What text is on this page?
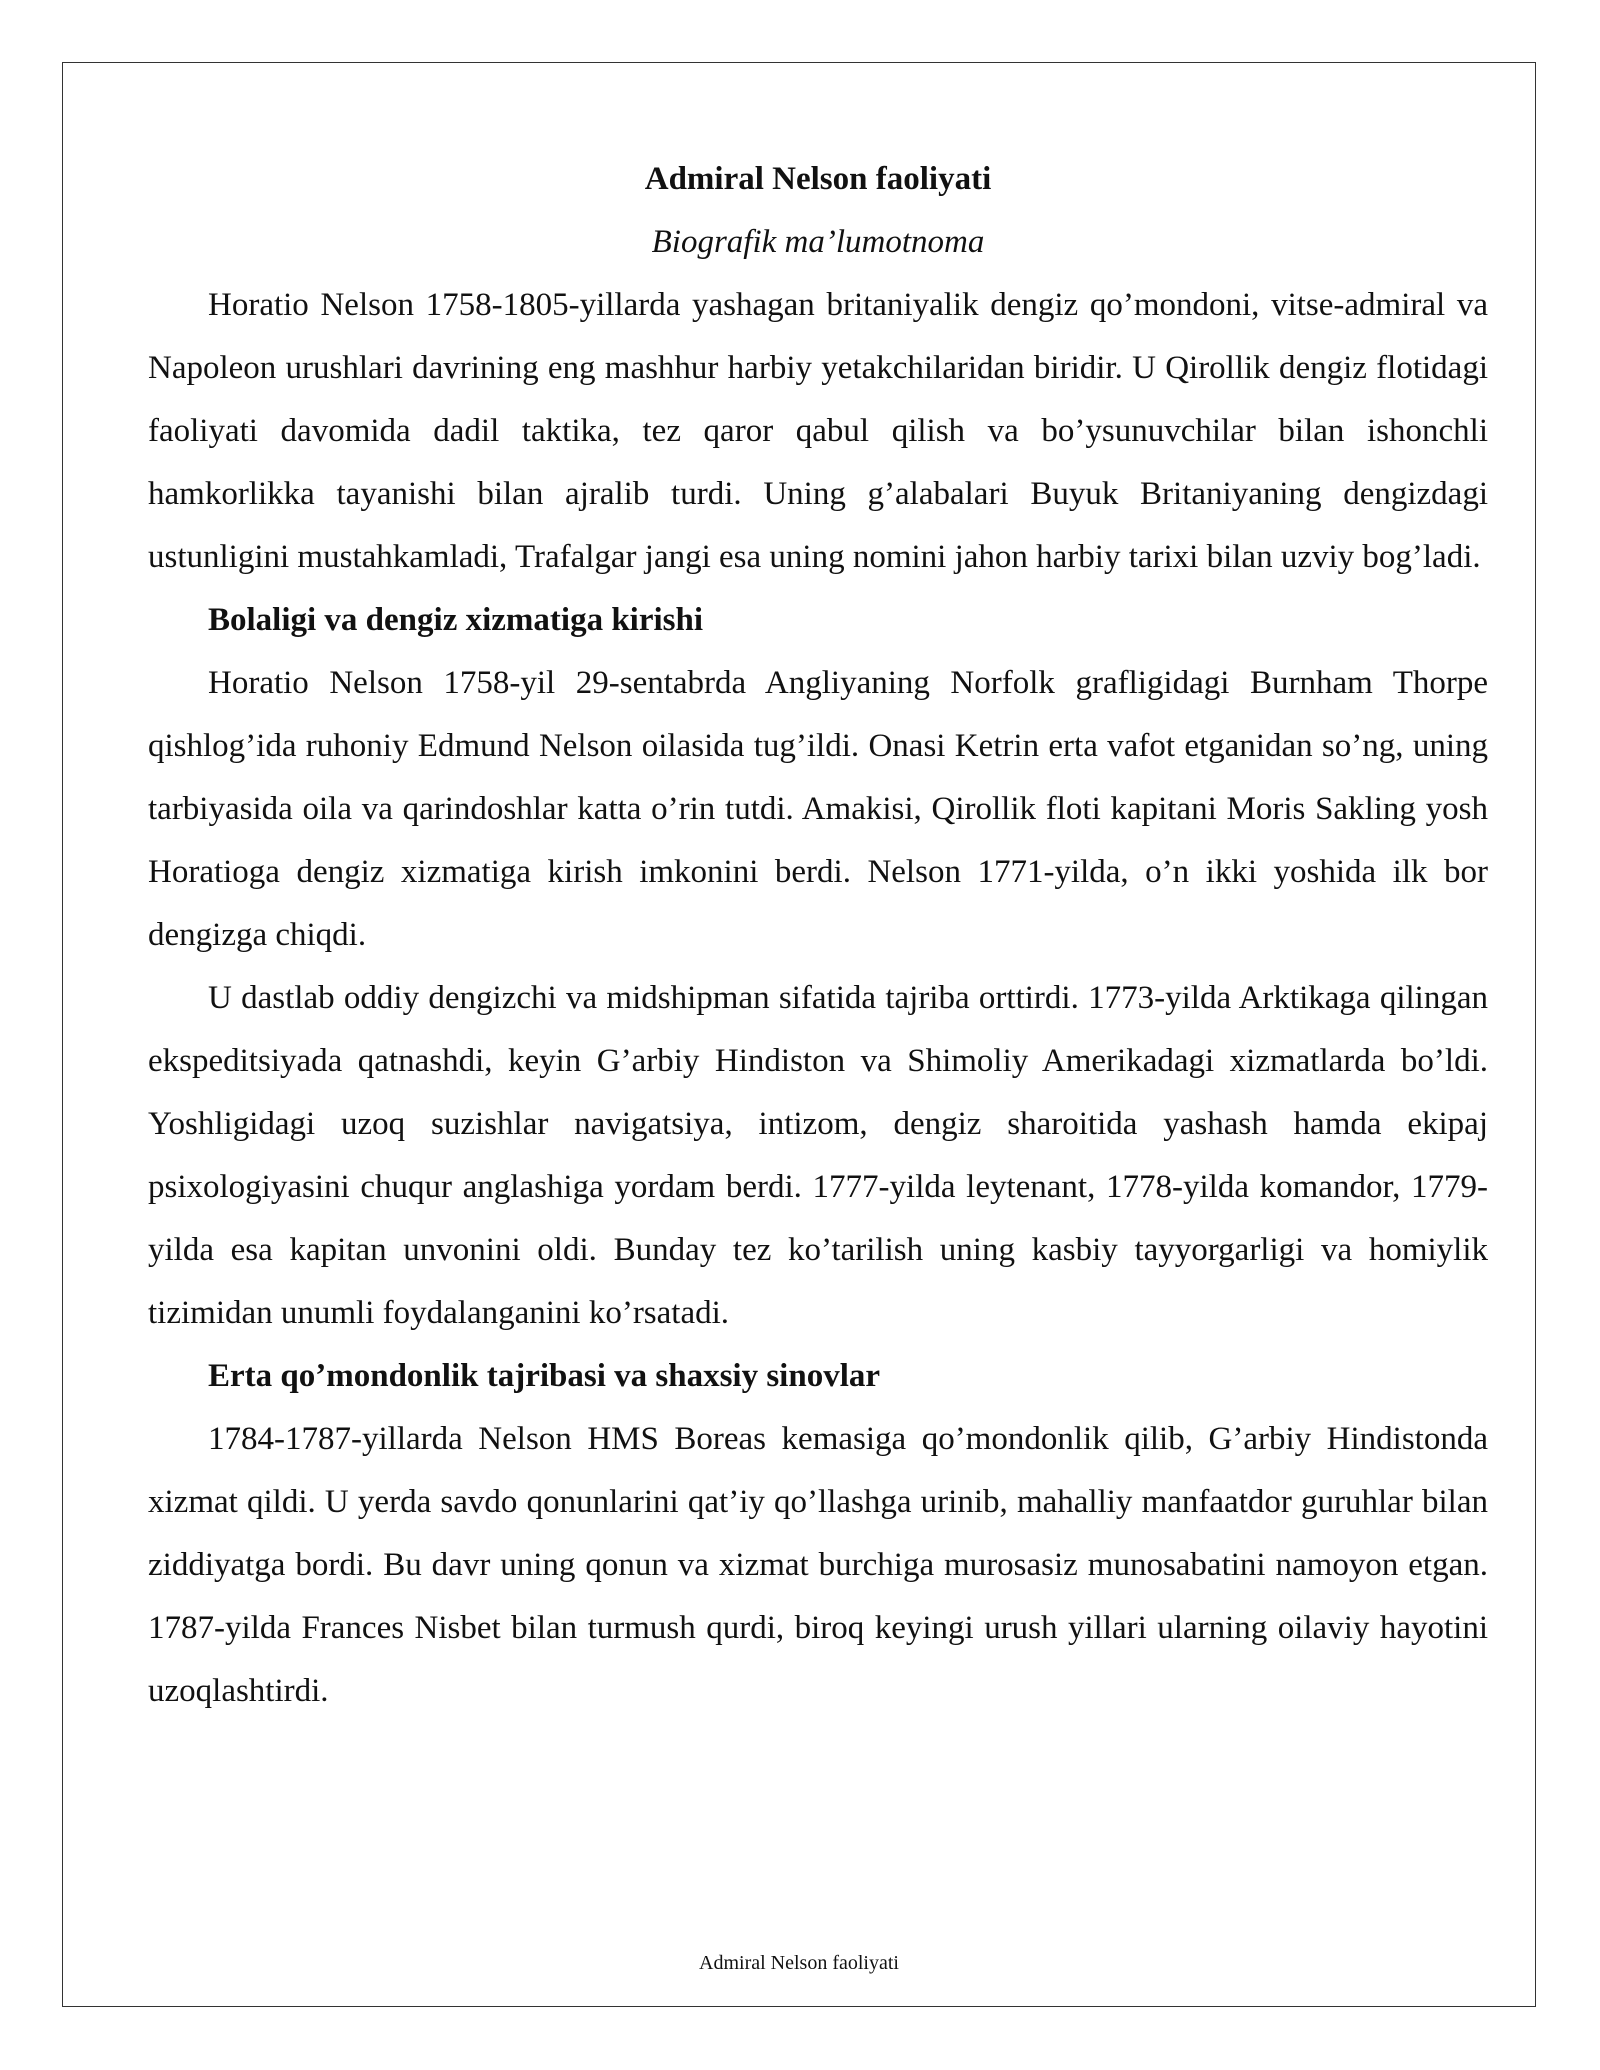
Admiral Nelson faoliyati

Biografik ma’lumotnoma

Horatio Nelson 1758-1805-yillarda yashagan britaniyalik dengiz qo’mondoni, vitse-admiral va Napoleon urushlari davrining eng mashhur harbiy yetakchilaridan biridir. U Qirollik dengiz flotidagi faoliyati davomida dadil taktika, tez qaror qabul qilish va bo’ysunuvchilar bilan ishonchli hamkorlikka tayanishi bilan ajralib turdi. Uning g’alabalari Buyuk Britaniyaning dengizdagi ustunligini mustahkamladi, Trafalgar jangi esa uning nomini jahon harbiy tarixi bilan uzviy bog’ladi.

Bolaligi va dengiz xizmatiga kirishi

Horatio Nelson 1758-yil 29-sentabrda Angliyaning Norfolk grafligidagi Burnham Thorpe qishlog’ida ruhoniy Edmund Nelson oilasida tug’ildi. Onasi Ketrin erta vafot etganidan so’ng, uning tarbiyasida oila va qarindoshlar katta o’rin tutdi. Amakisi, Qirollik floti kapitani Moris Sakling yosh Horatioga dengiz xizmatiga kirish imkonini berdi. Nelson 1771-yilda, o’n ikki yoshida ilk bor dengizga chiqdi.

U dastlab oddiy dengizchi va midshipman sifatida tajriba orttirdi. 1773-yilda Arktikaga qilingan ekspeditsiyada qatnashdi, keyin G’arbiy Hindiston va Shimoliy Amerikadagi xizmatlarda bo’ldi. Yoshligidagi uzoq suzishlar navigatsiya, intizom, dengiz sharoitida yashash hamda ekipaj psixologiyasini chuqur anglashiga yordam berdi. 1777-yilda leytenant, 1778-yilda komandor, 1779-yilda esa kapitan unvonini oldi. Bunday tez ko’tarilish uning kasbiy tayyorgarligi va homiylik tizimidan unumli foydalanganini ko’rsatadi.

Erta qoʼmondonlik tajribasi va shaxsiy sinovlar

1784-1787-yillarda Nelson HMS Boreas kemasiga qo’mondonlik qilib, G’arbiy Hindistonda xizmat qildi. U yerda savdo qonunlarini qat’iy qo’llashga urinib, mahalliy manfaatdor guruhlar bilan ziddiyatga bordi. Bu davr uning qonun va xizmat burchiga murosasiz munosabatini namoyon etgan. 1787-yilda Frances Nisbet bilan turmush qurdi, biroq keyingi urush yillari ularning oilaviy hayotini uzoqlashtirdi.

Admiral Nelson faoliyati
